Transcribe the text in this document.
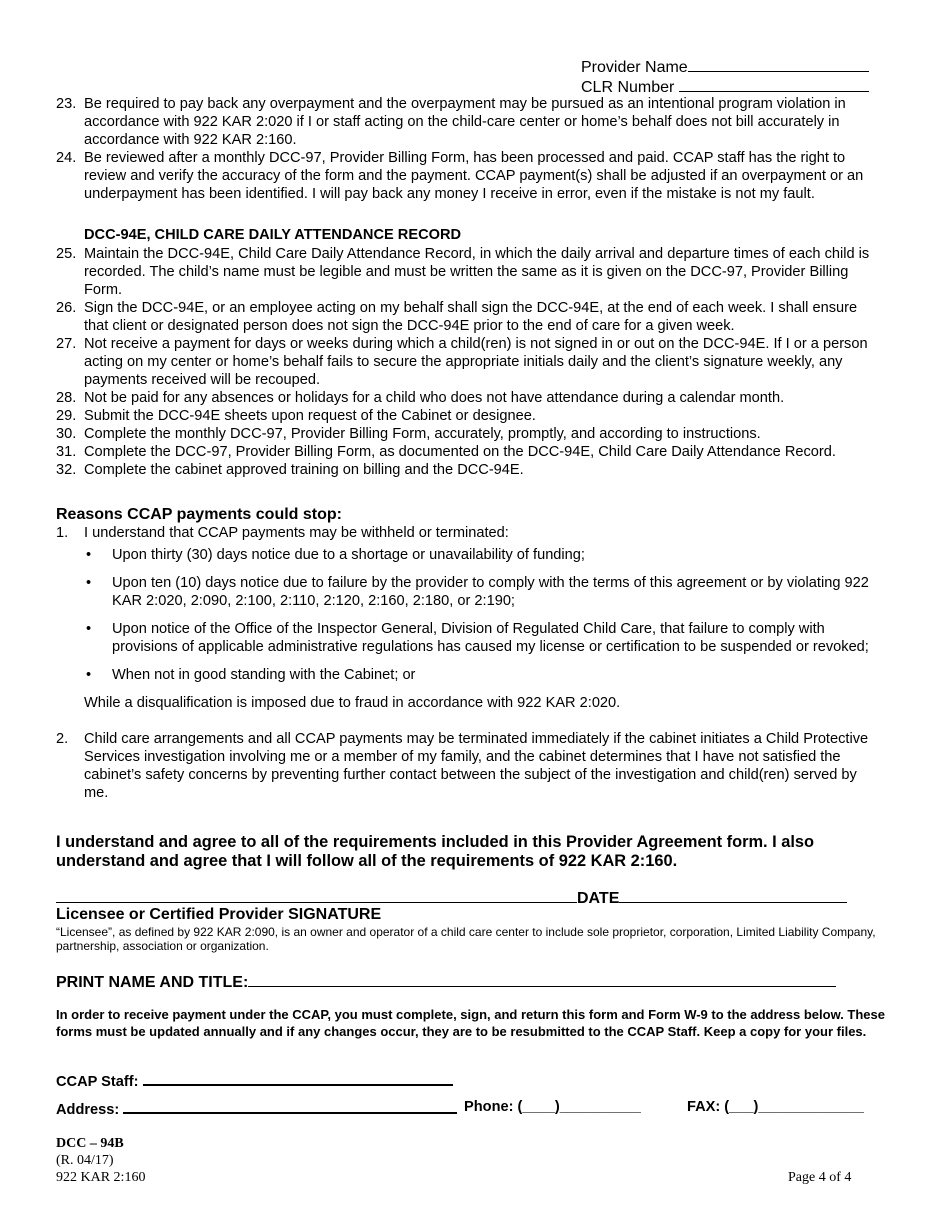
Provider Name
CLR Number
23. Be required to pay back any overpayment and the overpayment may be pursued as an intentional program violation in accordance with 922 KAR 2:020 if I or staff acting on the child-care center or home’s behalf does not bill accurately in accordance with 922 KAR 2:160.
24. Be reviewed after a monthly DCC-97, Provider Billing Form, has been processed and paid. CCAP staff has the right to review and verify the accuracy of the form and the payment. CCAP payment(s) shall be adjusted if an overpayment or an underpayment has been identified. I will pay back any money I receive in error, even if the mistake is not my fault.
DCC-94E, CHILD CARE DAILY ATTENDANCE RECORD
25. Maintain the DCC-94E, Child Care Daily Attendance Record, in which the daily arrival and departure times of each child is recorded. The child’s name must be legible and must be written the same as it is given on the DCC-97, Provider Billing Form.
26. Sign the DCC-94E, or an employee acting on my behalf shall sign the DCC-94E, at the end of each week. I shall ensure that client or designated person does not sign the DCC-94E prior to the end of care for a given week.
27. Not receive a payment for days or weeks during which a child(ren) is not signed in or out on the DCC-94E. If I or a person acting on my center or home’s behalf fails to secure the appropriate initials daily and the client’s signature weekly, any payments received will be recouped.
28. Not be paid for any absences or holidays for a child who does not have attendance during a calendar month.
29. Submit the DCC-94E sheets upon request of the Cabinet or designee.
30. Complete the monthly DCC-97, Provider Billing Form, accurately, promptly, and according to instructions.
31. Complete the DCC-97, Provider Billing Form, as documented on the DCC-94E, Child Care Daily Attendance Record.
32. Complete the cabinet approved training on billing and the DCC-94E.
Reasons CCAP payments could stop:
1. I understand that CCAP payments may be withheld or terminated:
• Upon thirty (30) days notice due to a shortage or unavailability of funding;
• Upon ten (10) days notice due to failure by the provider to comply with the terms of this agreement or by violating 922 KAR 2:020, 2:090, 2:100, 2:110, 2:120, 2:160, 2:180, or 2:190;
• Upon notice of the Office of the Inspector General, Division of Regulated Child Care, that failure to comply with provisions of applicable administrative regulations has caused my license or certification to be suspended or revoked;
• When not in good standing with the Cabinet; or
While a disqualification is imposed due to fraud in accordance with 922 KAR 2:020.
2. Child care arrangements and all CCAP payments may be terminated immediately if the cabinet initiates a Child Protective Services investigation involving me or a member of my family, and the cabinet determines that I have not satisfied the cabinet’s safety concerns by preventing further contact between the subject of the investigation and child(ren) served by me.
I understand and agree to all of the requirements included in this Provider Agreement form. I also understand and agree that I will follow all of the requirements of 922 KAR 2:160.
DATE
Licensee or Certified Provider SIGNATURE
“Licensee”, as defined by 922 KAR 2:090, is an owner and operator of a child care center to include sole proprietor, corporation, Limited Liability Company, partnership, association or organization.
PRINT NAME AND TITLE:
In order to receive payment under the CCAP, you must complete, sign, and return this form and Form W-9 to the address below. These forms must be updated annually and if any changes occur, they are to be resubmitted to the CCAP Staff. Keep a copy for your files.
CCAP Staff:
Address:	Phone: (____)__________	FAX: (___)_____________
DCC – 94B
(R. 04/17)
922 KAR 2:160	Page 4 of 4
